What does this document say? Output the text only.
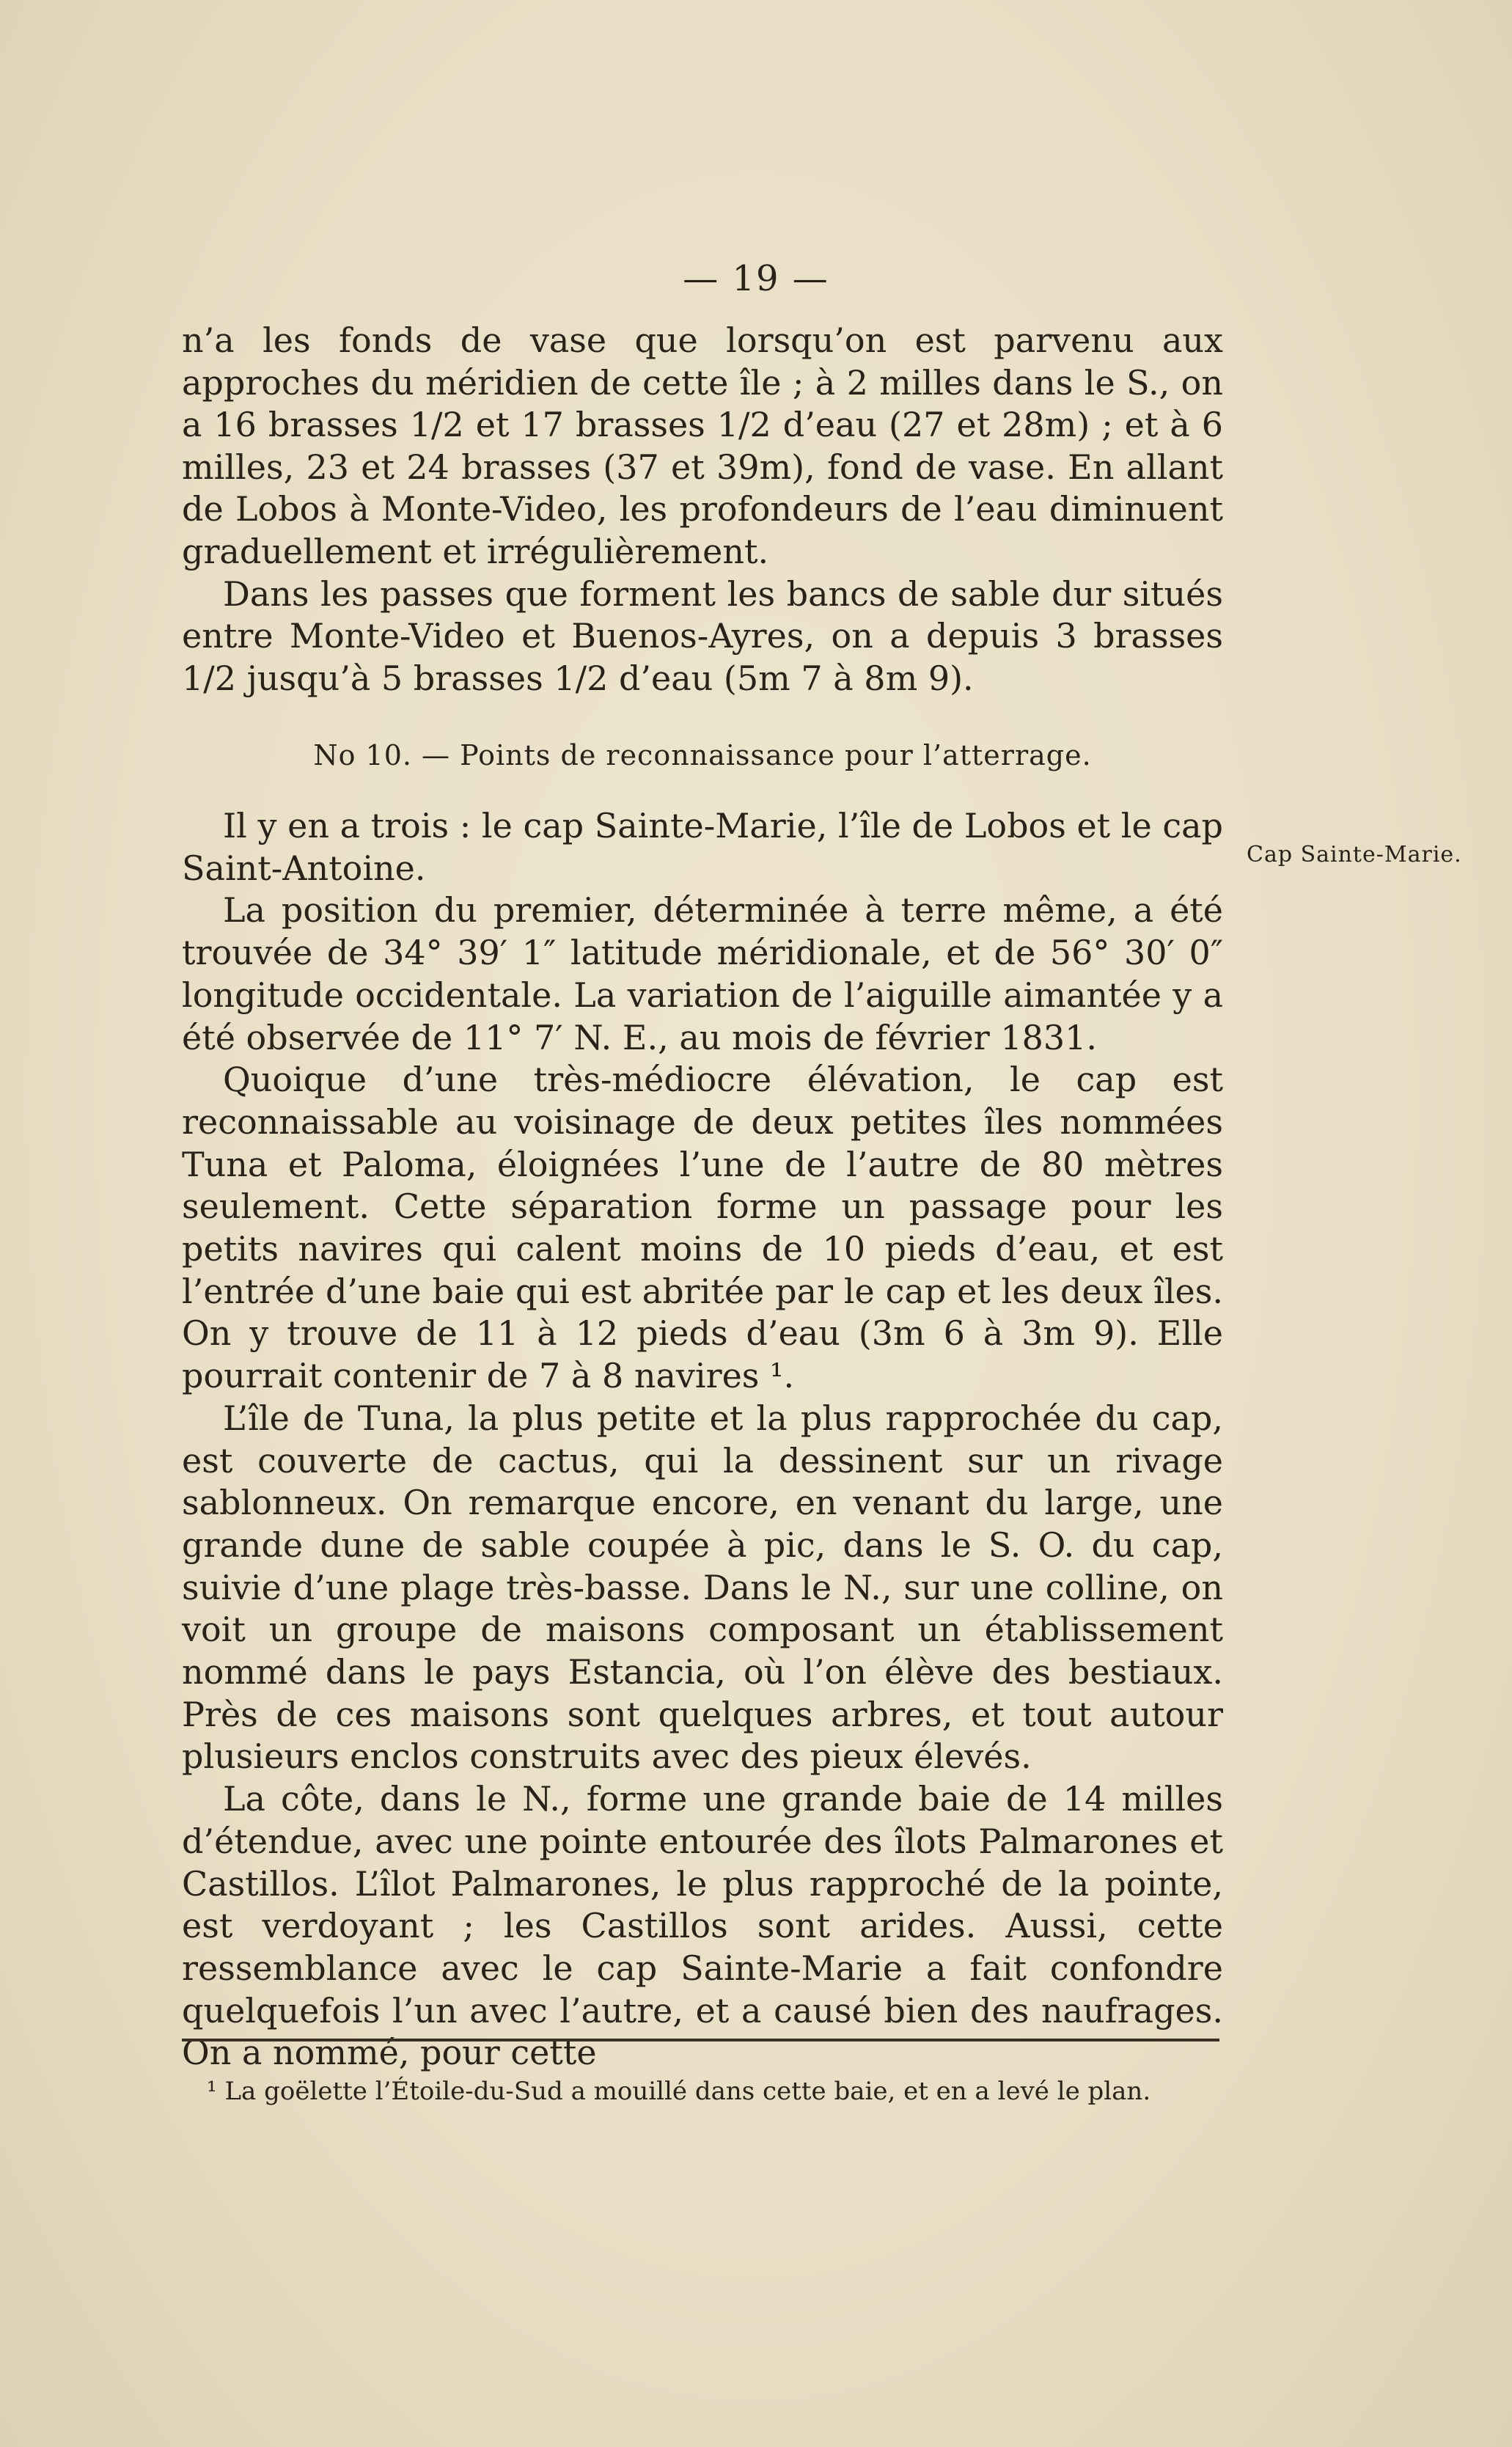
— 19 —

n’a les fonds de vase que lorsqu’on est parvenu aux approches du méridien de cette île ; à 2 milles dans le S., on a 16 brasses 1/2 et 17 brasses 1/2 d’eau (27 et 28m) ; et à 6 milles, 23 et 24 brasses (37 et 39m), fond de vase. En allant de Lobos à Monte-Video, les profondeurs de l’eau diminuent graduellement et irrégulièrement.

Dans les passes que forment les bancs de sable dur situés entre Monte-Video et Buenos-Ayres, on a depuis 3 brasses 1/2 jusqu’à 5 brasses 1/2 d’eau (5m 7 à 8m 9).

No 10. — Points de reconnaissance pour l’atterrage.
Cap Sainte-Marie.

Il y en a trois : le cap Sainte-Marie, l’île de Lobos et le cap Saint-Antoine.

La position du premier, déterminée à terre même, a été trouvée de 34° 39′ 1″ latitude méridionale, et de 56° 30′ 0″ longitude occidentale. La variation de l’aiguille aimantée y a été observée de 11° 7′ N. E., au mois de février 1831.

Quoique d’une très-médiocre élévation, le cap est reconnaissable au voisinage de deux petites îles nommées Tuna et Paloma, éloignées l’une de l’autre de 80 mètres seulement. Cette séparation forme un passage pour les petits navires qui calent moins de 10 pieds d’eau, et est l’entrée d’une baie qui est abritée par le cap et les deux îles. On y trouve de 11 à 12 pieds d’eau (3m 6 à 3m 9). Elle pourrait contenir de 7 à 8 navires ¹.

L’île de Tuna, la plus petite et la plus rapprochée du cap, est couverte de cactus, qui la dessinent sur un rivage sablonneux. On remarque encore, en venant du large, une grande dune de sable coupée à pic, dans le S. O. du cap, suivie d’une plage très-basse. Dans le N., sur une colline, on voit un groupe de maisons composant un établissement nommé dans le pays Estancia, où l’on élève des bestiaux. Près de ces maisons sont quelques arbres, et tout autour plusieurs enclos construits avec des pieux élevés.

La côte, dans le N., forme une grande baie de 14 milles d’étendue, avec une pointe entourée des îlots Palmarones et Castillos. L’îlot Palmarones, le plus rapproché de la pointe, est verdoyant ; les Castillos sont arides. Aussi, cette ressemblance avec le cap Sainte-Marie a fait confondre quelquefois l’un avec l’autre, et a causé bien des naufrages. On a nommé, pour cette

¹ La goëlette l’Étoile-du-Sud a mouillé dans cette baie, et en a levé le plan.
